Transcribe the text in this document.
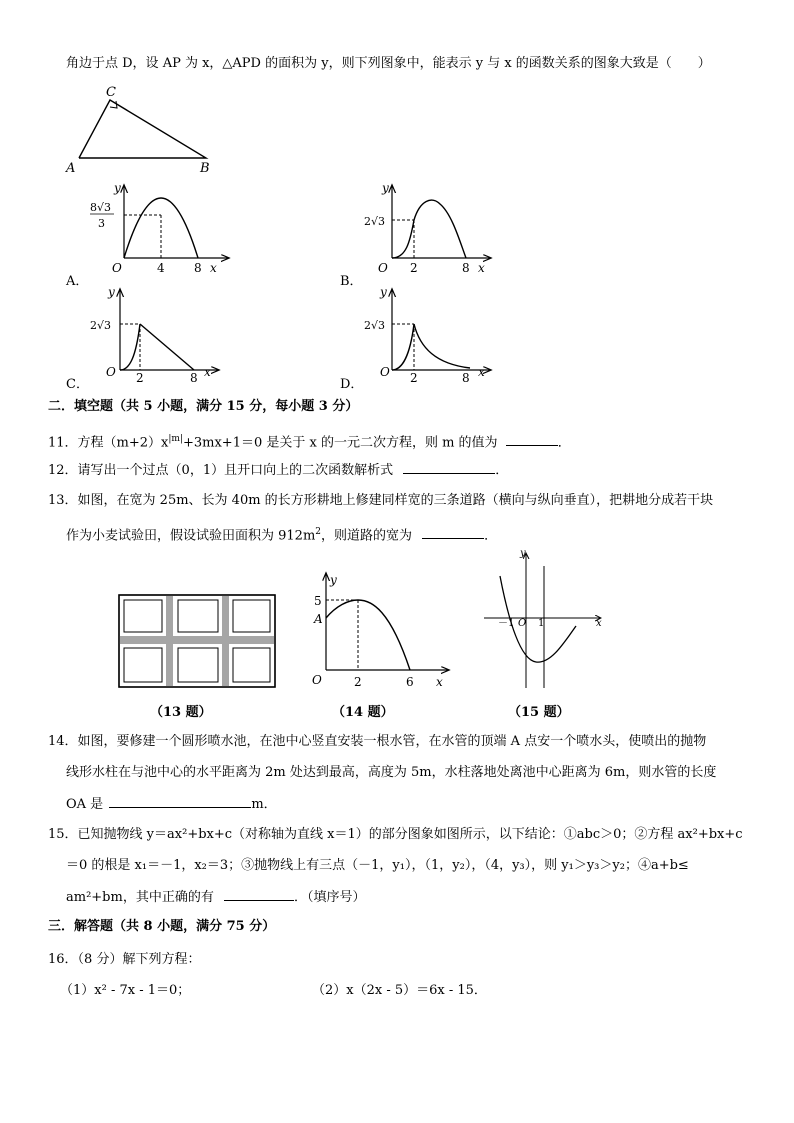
角边于点 D，设 AP 为 x，△APD 的面积为 y，则下列图象中，能表示 y 与 x 的函数关系的图象大致是（　　）
C
A	B
y
x
O
8√3
3
4 8
A．
y
x
O
2√3
2	8
B．
y
x
O
2√3
2	8
C．
y
x
O
2√3
2	8
D．
二．填空题（共 5 小题，满分 15 分，每小题 3 分）
11．方程$(m+2)x^{|m|}+3mx+1=0$ 是关于 x 的一元二次方程，则 m 的值为	．
12．请写出一个过点（0，1）且开口向上的二次函数解析式	．
13．如图，在宽为 25m、长为 40m 的长方形耕地上修建同样宽的三条道路（横向与纵向垂直），把耕地分成若干块
作为小麦试验田，假设试验田面积为 $912m^2$，则道路的宽为	．
（13 题）
y
x
O
A
5
2	6
（14 题）
y
x
－1 O 1
（15 题）
14．如图，要修建一个圆形喷水池，在池中心竖直安装一根水管，在水管的顶端 A 点安一个喷水头，使喷出的抛物
线形水柱在与池中心的水平距离为 2m 处达到最高，高度为 5m，水柱落地处离池中心距离为 6m，则水管的长度
OA 是	m．
15．已知抛物线 y＝ax²+bx+c（对称轴为直线 x＝1）的部分图象如图所示，以下结论：①abc＞0；②方程 ax²+bx+c
＝0 的根是 x₁＝－1，x₂＝3；③抛物线上有三点（－1，y₁），（1，y₂），（4，y₃），则 y₁＞y₃＞y₂；④a+b≤
am²+bm，其中正确的有	．（填序号）
三．解答题（共 8 小题，满分 75 分）
16．（8 分）解下列方程：
（1）x² - 7x - 1＝0；	（2）x（2x - 5）＝6x - 15．
